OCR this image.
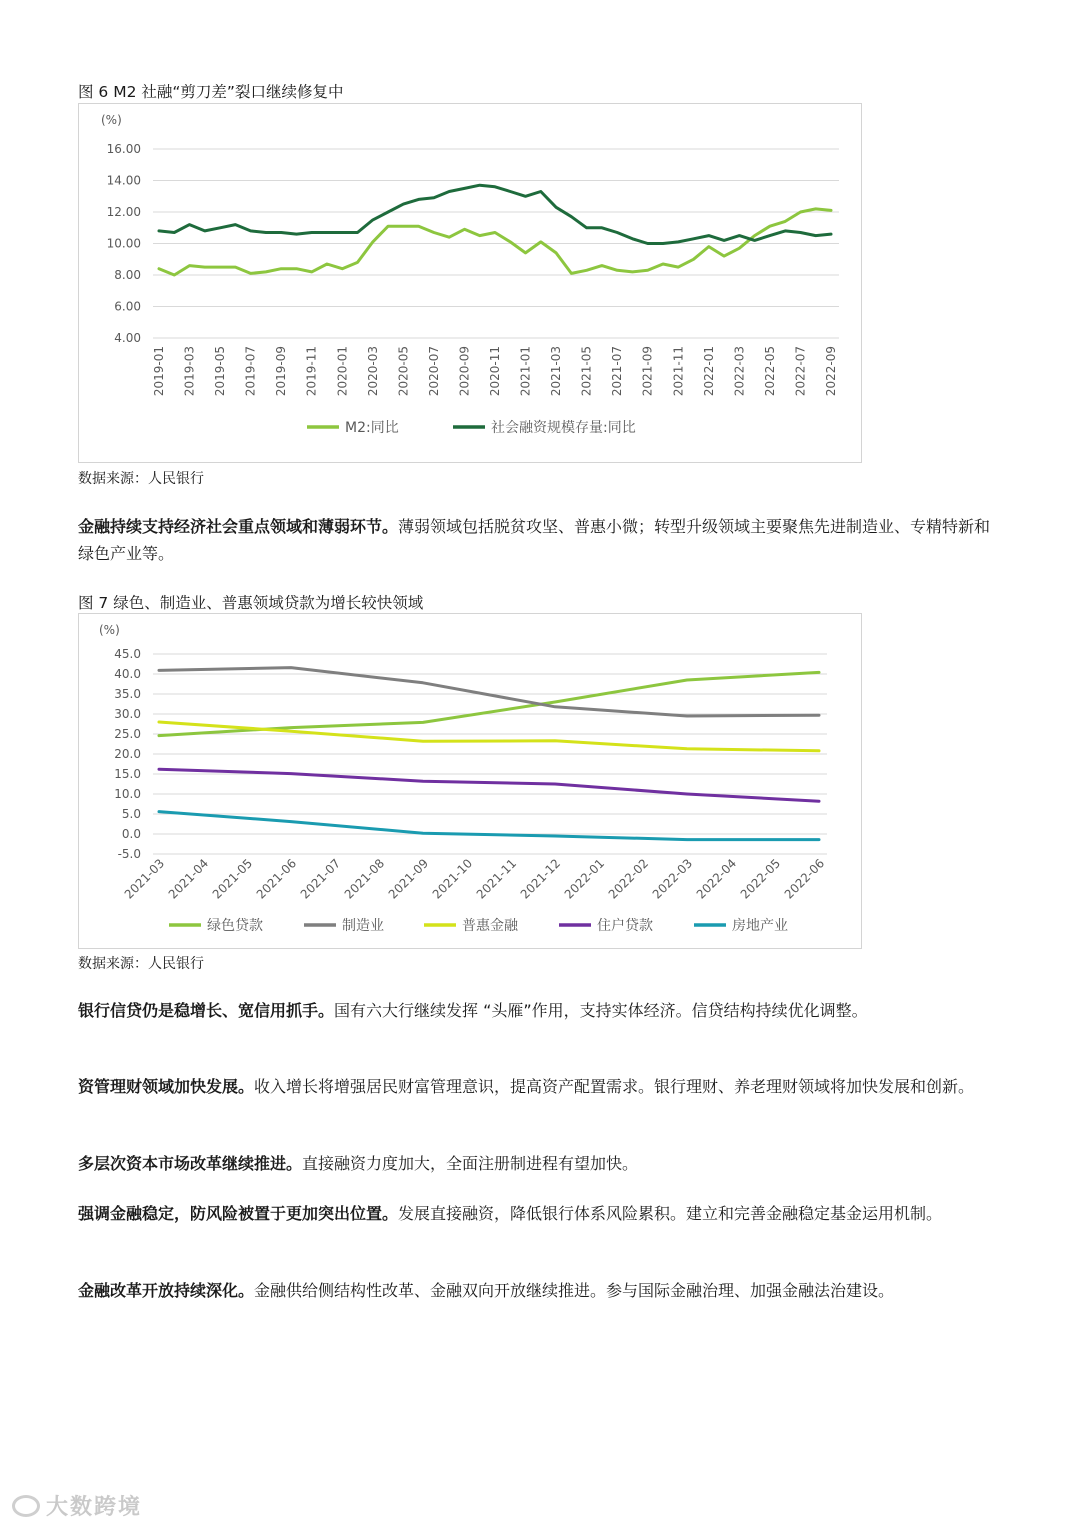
图 6 M2 社融“剪刀差”裂口继续修复中
(%)
4.00
6.00
8.00
10.00
12.00
14.00
16.00
2019-01 2019-03 2019-05 2019-07 2019-09 2019-11 2020-01 2020-03 2020-05 2020-07 2020-09 2020-11 2021-01 2021-03 2021-05 2021-07 2021-09 2021-11 2022-01 2022-03 2022-05 2022-07 2022-09
M2:同比	社会融资规模存量:同比
数据来源：人民银行
金融持续支持经济社会重点领域和薄弱环节。薄弱领域包括脱贫攻坚、普惠小微；转型升级领域主要聚焦先进制造业、专精特新和绿色产业等。
图 7 绿色、制造业、普惠领域贷款为增长较快领域
(%)
-5.0
0.0
5.0
10.0
15.0
20.0
25.0
30.0
35.0
40.0
45.0
2021-03
2021-04
2021-05
2021-06
2021-07
2021-08
2021-09
2021-10
2021-11
2021-12
2022-01
2022-02
2022-03
2022-04
2022-05
2022-06
绿色贷款	制造业	普惠金融	住户贷款	房地产业
数据来源：人民银行
银行信贷仍是稳增长、宽信用抓手。国有六大行继续发挥 “头雁”作用，支持实体经济。信贷结构持续优化调整。
资管理财领域加快发展。收入增长将增强居民财富管理意识，提高资产配置需求。银行理财、养老理财领域将加快发展和创新。
多层次资本市场改革继续推进。直接融资力度加大，全面注册制进程有望加快。
强调金融稳定，防风险被置于更加突出位置。发展直接融资，降低银行体系风险累积。建立和完善金融稳定基金运用机制。
金融改革开放持续深化。金融供给侧结构性改革、金融双向开放继续推进。参与国际金融治理、加强金融法治建设。
大数跨境
